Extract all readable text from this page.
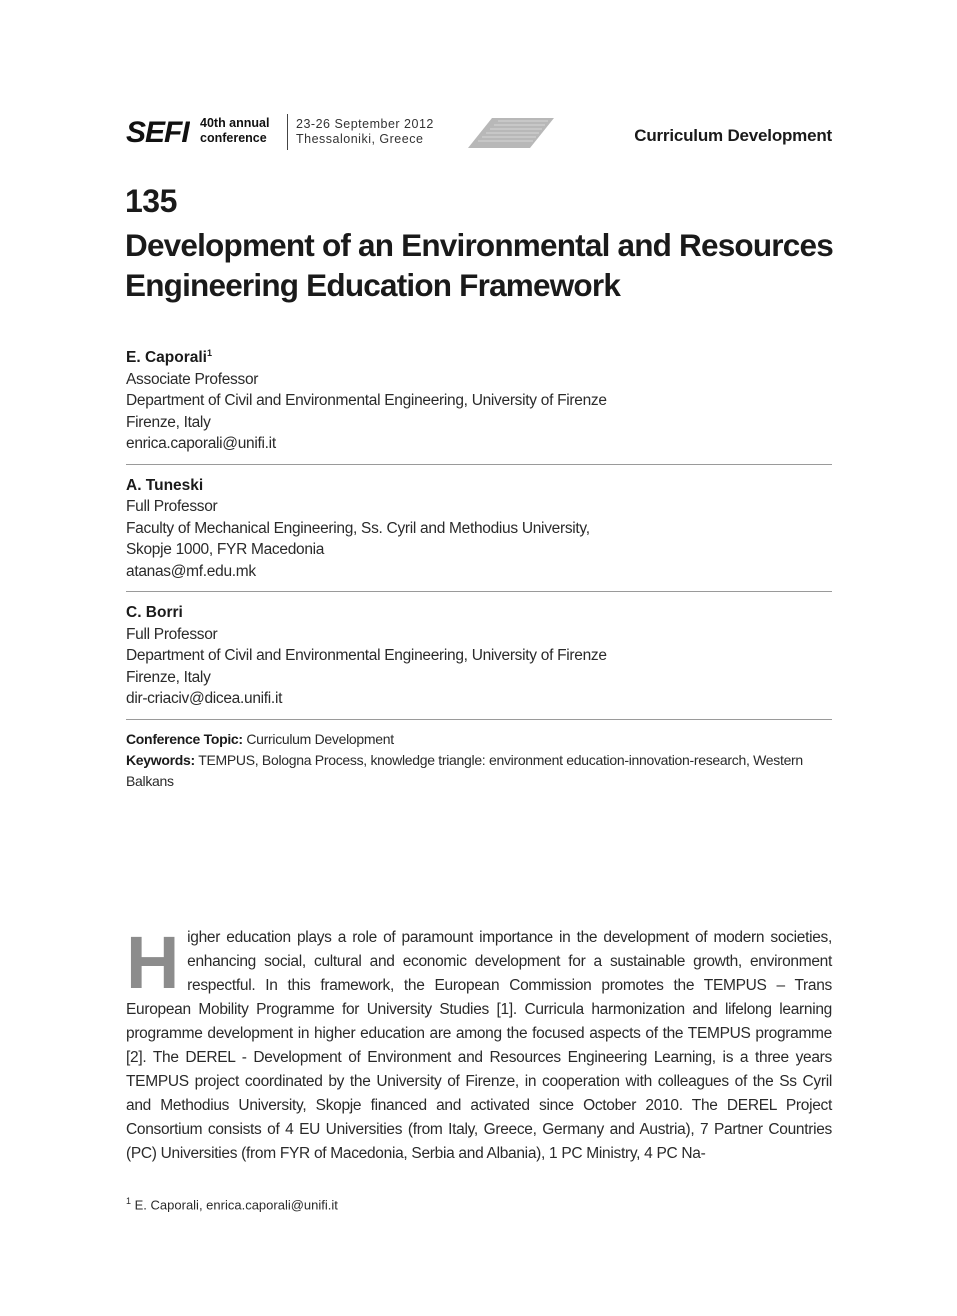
SEFI 40th annual
conference
23-26 September 2012
Thessaloniki, Greece	Curriculum Development
135
Development of an Environmental and Resources Engineering Education Framework
E. Caporali$^1$
Associate Professor
Department of Civil and Environmental Engineering, University of Firenze
Firenze, Italy
enrica.caporali@unifi.it
A. Tuneski
Full Professor
Faculty of Mechanical Engineering, Ss. Cyril and Methodius University,
Skopje 1000, FYR Macedonia
atanas@mf.edu.mk
C. Borri
Full Professor
Department of Civil and Environmental Engineering, University of Firenze
Firenze, Italy
dir-criaciv@dicea.unifi.it
Conference Topic: Curriculum Development
Keywords: TEMPUS, Bologna Process, knowledge triangle: environment education-innovation-research, Western Balkans
Higher education plays a role of paramount importance in the development of modern societies, enhancing social, cultural and economic development for a sustainable growth, environment respectful. In this framework, the European Commission promotes the TEMPUS – Trans European Mobility Programme for University Studies [1]. Curricula harmonization and lifelong learning programme development in higher education are among the focused aspects of the TEMPUS programme [2]. The DEREL - Development of Environment and Resources Engineering Learning, is a three years TEMPUS project coordinated by the University of Firenze, in cooperation with colleagues of the Ss Cyril and Methodius University, Skopje financed and activated since October 2010. The DEREL Project Consortium consists of 4 EU Universities (from Italy, Greece, Germany and Austria), 7 Partner Countries (PC) Universities (from FYR of Macedonia, Serbia and Albania), 1 PC Ministry, 4 PC Na-
$^1$ E. Caporali, enrica.caporali@unifi.it
